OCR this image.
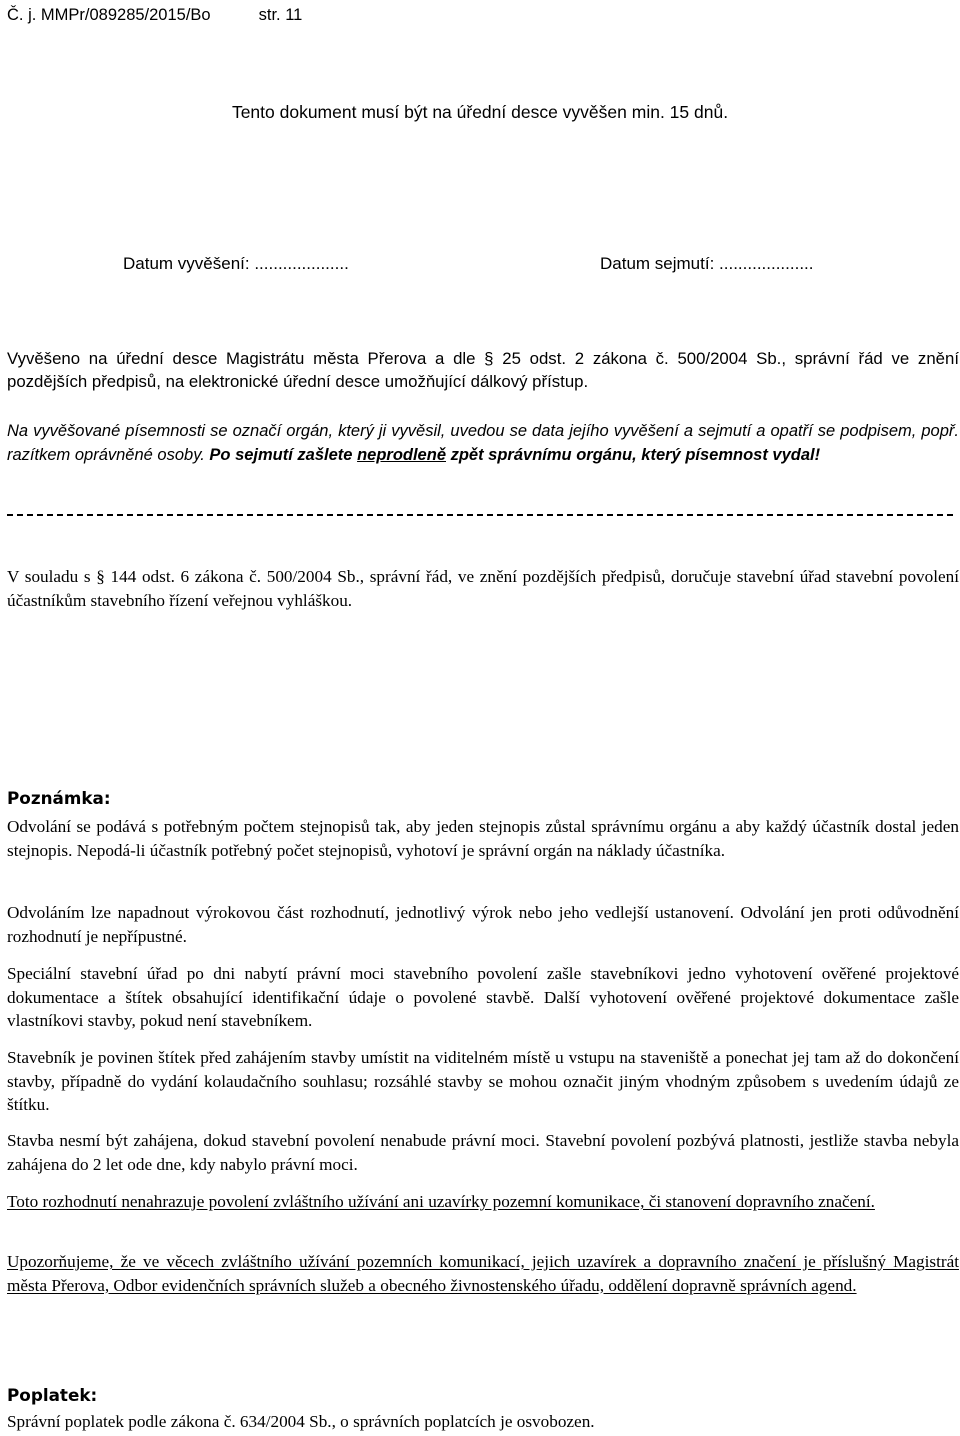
Č. j. MMPr/089285/2015/Bo	str. 11

Tento dokument musí být na úřední desce vyvěšen min. 15 dnů.

Datum vyvěšení: ....................	Datum sejmutí: ....................

Vyvěšeno na úřední desce Magistrátu města Přerova a dle § 25 odst. 2 zákona č. 500/2004 Sb., správní řád ve znění pozdějších předpisů, na elektronické úřední desce umožňující dálkový přístup.

Na vyvěšované písemnosti se označí orgán, který ji vyvěsil, uvedou se data jejího vyvěšení a sejmutí a opatří se podpisem, popř. razítkem oprávněné osoby. Po sejmutí zašlete neprodleně zpět správnímu orgánu, který písemnost vydal!

V souladu s § 144 odst. 6 zákona č. 500/2004 Sb., správní řád, ve znění pozdějších předpisů, doručuje stavební úřad stavební povolení účastníkům stavebního řízení veřejnou vyhláškou.

Poznámka:

Odvolání se podává s potřebným počtem stejnopisů tak, aby jeden stejnopis zůstal správnímu orgánu a aby každý účastník dostal jeden stejnopis. Nepodá-li účastník potřebný počet stejnopisů, vyhotoví je správní orgán na náklady účastníka.

Odvoláním lze napadnout výrokovou část rozhodnutí, jednotlivý výrok nebo jeho vedlejší ustanovení. Odvolání jen proti odůvodnění rozhodnutí je nepřípustné.

Speciální stavební úřad po dni nabytí právní moci stavebního povolení zašle stavebníkovi jedno vyhotovení ověřené projektové dokumentace a štítek obsahující identifikační údaje o povolené stavbě. Další vyhotovení ověřené projektové dokumentace zašle vlastníkovi stavby, pokud není stavebníkem.

Stavebník je povinen štítek před zahájením stavby umístit na viditelném místě u vstupu na staveniště a ponechat jej tam až do dokončení stavby, případně do vydání kolaudačního souhlasu; rozsáhlé stavby se mohou označit jiným vhodným způsobem s uvedením údajů ze štítku.

Stavba nesmí být zahájena, dokud stavební povolení nenabude právní moci. Stavební povolení pozbývá platnosti, jestliže stavba nebyla zahájena do 2 let ode dne, kdy nabylo právní moci.

Toto rozhodnutí nenahrazuje povolení zvláštního užívání ani uzavírky pozemní komunikace, či stanovení dopravního značení.

Upozorňujeme, že ve věcech zvláštního užívání pozemních komunikací, jejich uzavírek a dopravního značení je příslušný Magistrát města Přerova, Odbor evidenčních správních služeb a obecného živnostenského úřadu, oddělení dopravně správních agend.

Poplatek:

Správní poplatek podle zákona č. 634/2004 Sb., o správních poplatcích je osvobozen.
